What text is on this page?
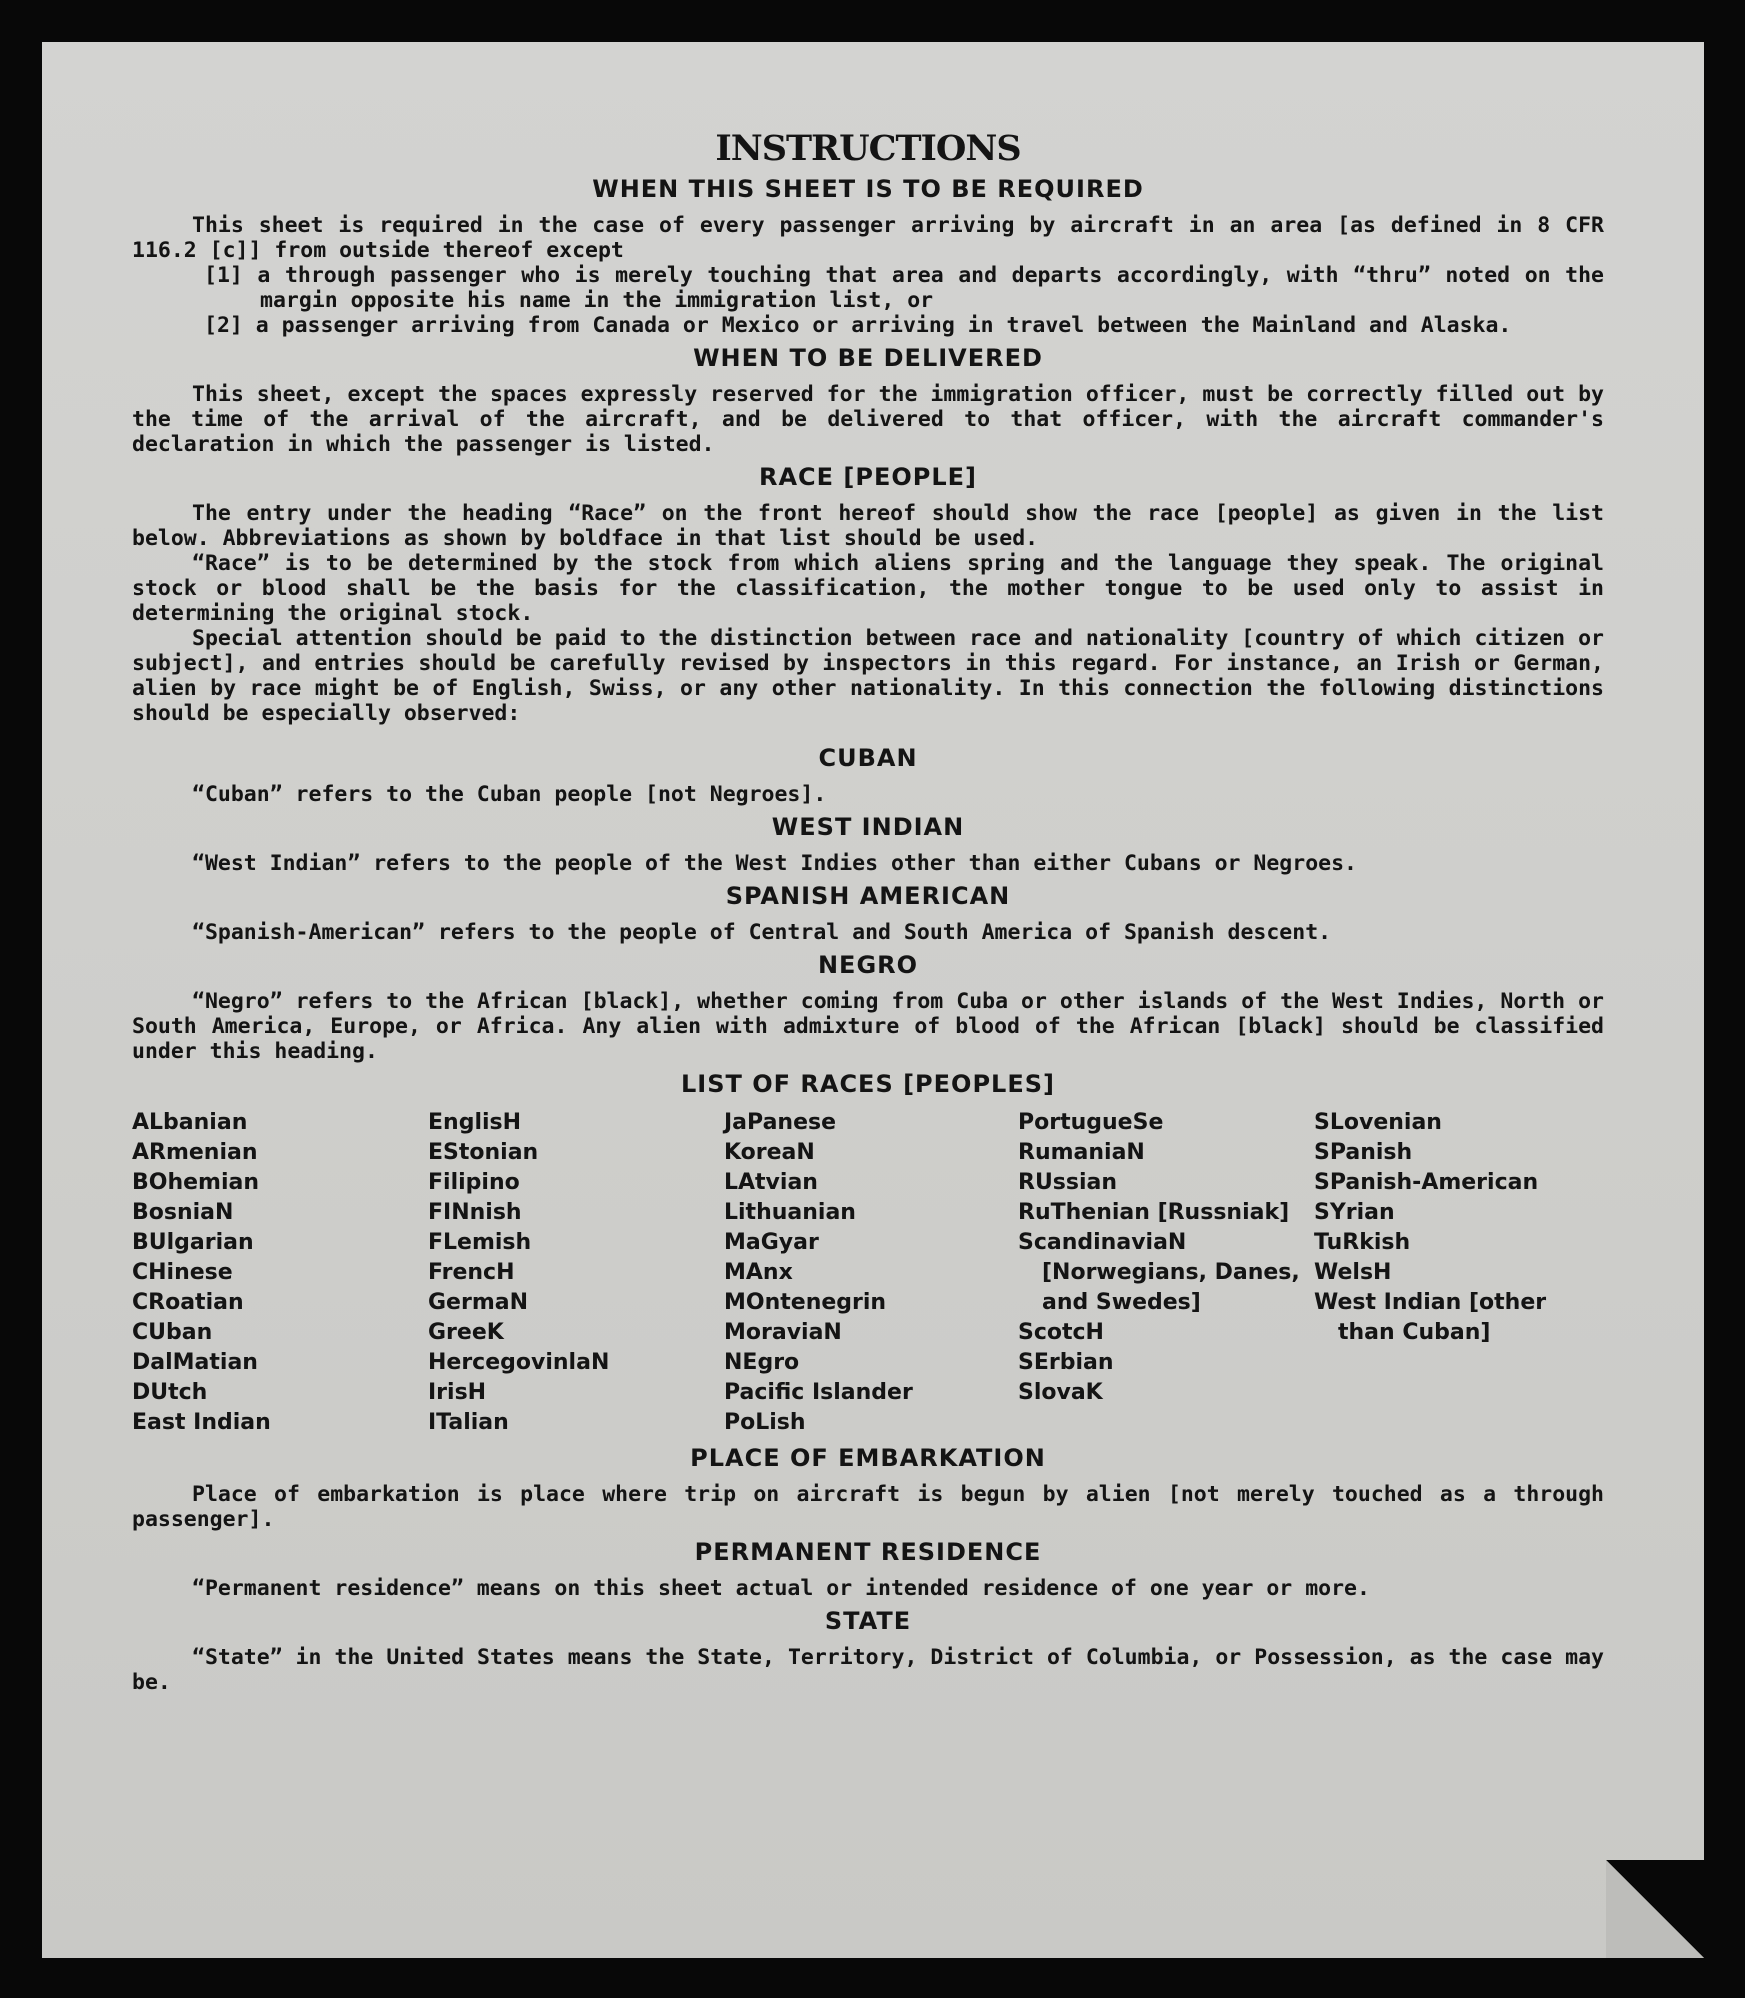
INSTRUCTIONS
WHEN THIS SHEET IS TO BE REQUIRED

This sheet is required in the case of every passenger arriving by aircraft in an area [as defined in 8 CFR 116.2 [c]] from outside thereof except

[1] a through passenger who is merely touching that area and departs accordingly, with “thru” noted on the margin opposite his name in the immigration list, or
[2] a passenger arriving from Canada or Mexico or arriving in travel between the Mainland and Alaska.
WHEN TO BE DELIVERED

This sheet, except the spaces expressly reserved for the immigration officer, must be correctly filled out by the time of the arrival of the aircraft, and be delivered to that officer, with the aircraft commander's declaration in which the passenger is listed.

RACE [PEOPLE]

The entry under the heading “Race” on the front hereof should show the race [people] as given in the list below. Abbreviations as shown by boldface in that list should be used.

“Race” is to be determined by the stock from which aliens spring and the language they speak. The original stock or blood shall be the basis for the classification, the mother tongue to be used only to assist in determining the original stock.

Special attention should be paid to the distinction between race and nationality [country of which citizen or subject], and entries should be carefully revised by inspectors in this regard. For instance, an Irish or German, alien by race might be of English, Swiss, or any other nationality. In this connection the following distinctions should be especially observed:

CUBAN

“Cuban” refers to the Cuban people [not Negroes].

WEST INDIAN

“West Indian” refers to the people of the West Indies other than either Cubans or Negroes.

SPANISH AMERICAN

“Spanish-American” refers to the people of Central and South America of Spanish descent.

NEGRO

“Negro” refers to the African [black], whether coming from Cuba or other islands of the West Indies, North or South America, Europe, or Africa. Any alien with admixture of blood of the African [black] should be classified under this heading.

LIST OF RACES [PEOPLES]
ALbanian
ARmenian
BOhemian
BosniaN
BUlgarian
CHinese
CRoatian
CUban
DalMatian
DUtch
East Indian
EnglisH
EStonian
Filipino
FINnish
FLemish
FrencH
GermaN
GreeK
HercegovinlaN
IrisH
ITalian
JaPanese
KoreaN
LAtvian
Lithuanian
MaGyar
MAnx
MOntenegrin
MoraviaN
NEgro
Pacific Islander
PoLish
PortugueSe
RumaniaN
RUssian
RuThenian [Russniak]
ScandinaviaN [Norwegians, Danes, and Swedes]
ScotcH
SErbian
SlovaK
SLovenian
SPanish
SPanish-American
SYrian
TuRkish
WelsH
West Indian [other than Cuban]
PLACE OF EMBARKATION

Place of embarkation is place where trip on aircraft is begun by alien [not merely touched as a through passenger].

PERMANENT RESIDENCE

“Permanent residence” means on this sheet actual or intended residence of one year or more.

STATE

“State” in the United States means the State, Territory, District of Columbia, or Possession, as the case may be.
